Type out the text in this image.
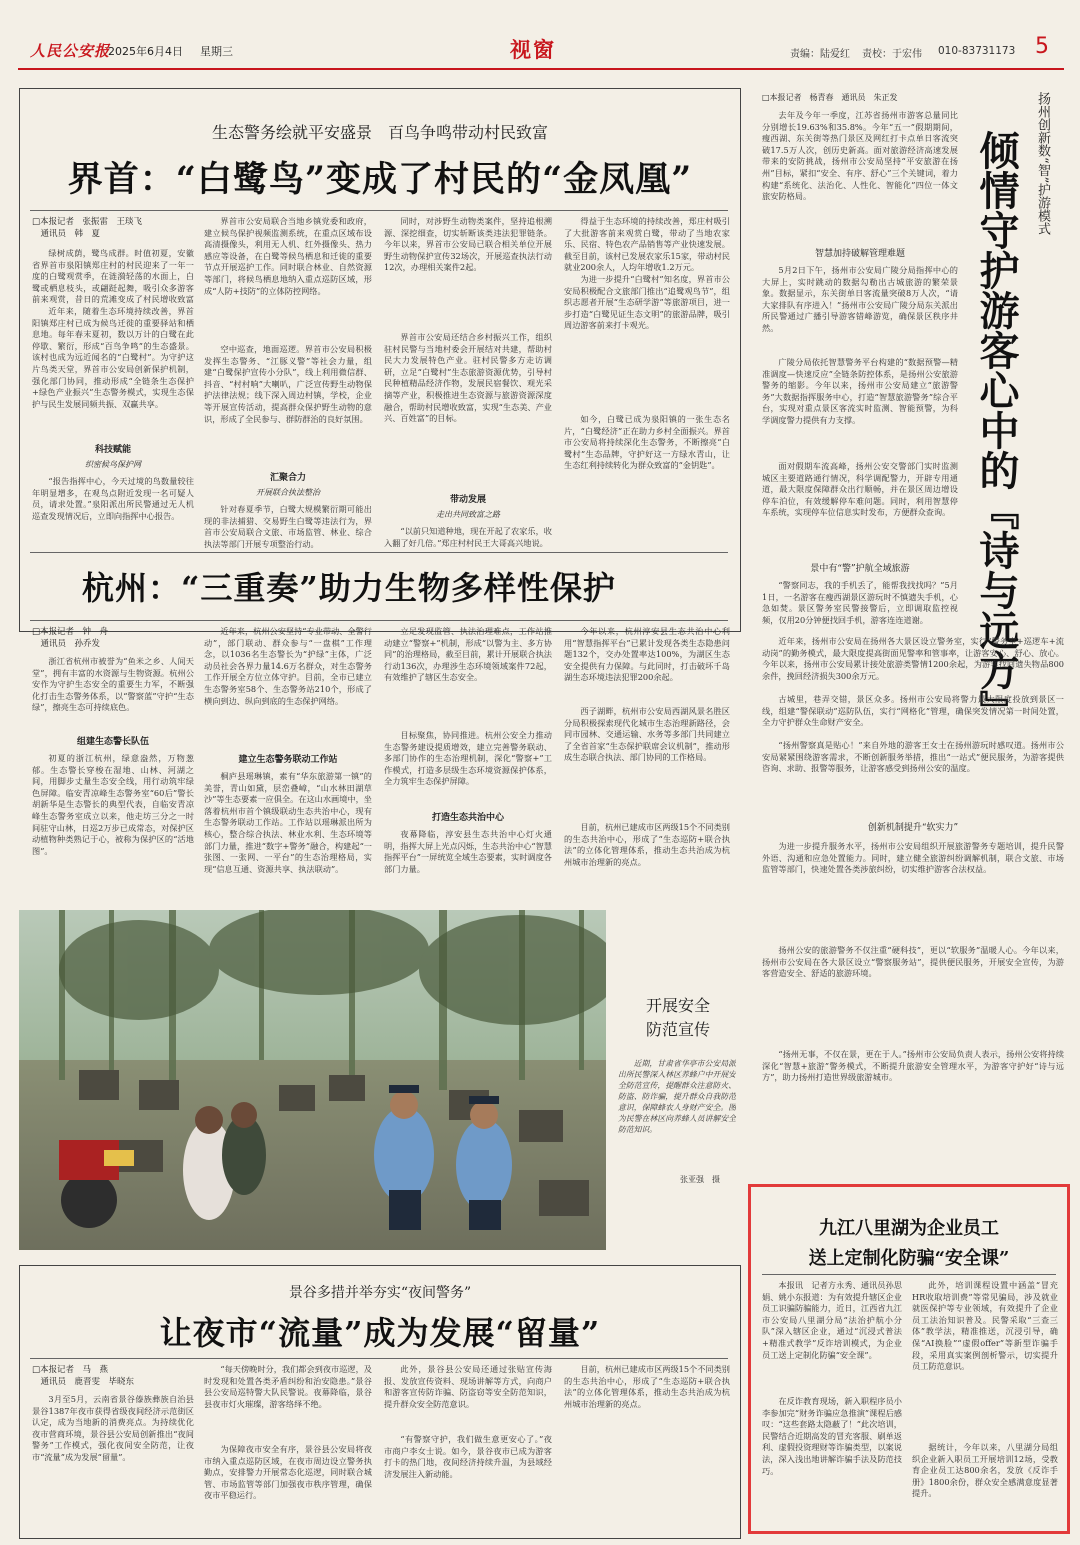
人民公安报
2025年6月4日 星期三	视窗	责编：陆爱红 责校：于宏伟 010-83731173 5
生态警务绘就平安盛景　百鸟争鸣带动村民致富
界首：“白鹭鸟”变成了村民的“金凤凰”
□本报记者　张振雷　王琰飞
　通讯员　韩　夏
绿树成荫，鹭鸟成群。时值初夏，安徽省界首市泉阳镇郑庄村的村民迎来了一年一度的白鹭观赏季，在涟漪轻荡的水面上，白鹭或栖息枝头，或翩跹起舞，吸引众多游客前来观赏，昔日的荒滩变成了村民增收致富
近年来，随着生态环境持续改善，界首阳镇郑庄村已成为候鸟迁徙的重要驿站和栖息地。每年春末夏初，数以万计的白鹭在此停歇、繁衍，形成“百鸟争鸣”的生态盛景。该村也成为远近闻名的“白鹭村”。为守护这片鸟类天堂，界首市公安局创新保护机制，强化部门协同，推动形成“全链条生态保护+绿色产业振兴”生态警务模式，实现生态保护与民生发展同频共振、双赢共享。
科技赋能
织密候鸟保护网
“报告指挥中心，今天过境的鸟数量较往年明显增多，在观鸟点附近发现一名可疑人员，请求处置。”泉阳派出所民警通过无人机巡查发现情况后，立即向指挥中心报告。
界首市公安局联合当地乡镇党委和政府，建立候鸟保护视频监测系统，在重点区域布设高清摄像头，利用无人机、红外摄像头、热力感应等设备，在白鹭等候鸟栖息和迁徙的重要节点开展巡护工作。同时联合林业、自然资源等部门，将候鸟栖息地纳入重点巡防区域，形成“人防+技防”的立体防控网络。
空中巡查，地面巡逻。界首市公安局积极发挥生态警务、“江豚义警”等社会力量，组建“白鹭保护宣传小分队”，线上利用微信群、抖音、“村村响”大喇叭，广泛宣传野生动物保护法律法规；线下深入周边村镇，学校，企业等开展宣传活动，提高群众保护野生动物的意识，形成了全民参与、群防群治的良好氛围。
汇聚合力
开展联合执法整治
针对春夏季节，白鹭大规模繁衍期可能出现的非法捕猎、交易野生白鹭等违法行为，界首市公安局联合文旅、市场监管、林业、综合执法等部门开展专项整治行动。
同时，对涉野生动物类案件，坚持追根溯源、深挖细查，切实斩断该类违法犯罪链条。今年以来，界首市公安局已联合相关单位开展野生动物保护宣传32场次，开展巡查执法行动12次，办理相关案件2起。
界首市公安局还结合乡村振兴工作，组织驻村民警与当地村委会开展结对共建，帮助村民大力发展特色产业。驻村民警多方走访调研，立足“白鹭村”生态旅游资源优势，引导村民种植精品经济作物，发展民宿餐饮、观光采摘等产业，积极推进生态资源与旅游资源深度融合，帮助村民增收致富，实现“生态美、产业兴、百姓富”的目标。
带动发展
走出共同致富之路
“以前只知道种地，现在开起了农家乐，收入翻了好几倍。”郑庄村村民王大哥高兴地说。
得益于生态环境的持续改善，郑庄村吸引了大批游客前来观赏白鹭，带动了当地农家乐、民宿、特色农产品销售等产业快速发展。截至目前，该村已发展农家乐15家，带动村民就业200余人，人均年增收1.2万元。
为进一步提升“白鹭村”知名度，界首市公安局积极配合文旅部门推出“追鹭观鸟节”，组织志愿者开展“生态研学游”等旅游项目，进一步打造“白鹭见证生态文明”的旅游品牌，吸引周边游客前来打卡观光。
如今，白鹭已成为泉阳镇的一张生态名片，“白鹭经济”正在助力乡村全面振兴。界首市公安局将持续深化生态警务，不断擦亮“白鹭村”生态品牌，守护好这一方绿水青山，让生态红利持续转化为群众致富的“金钥匙”。
杭州：“三重奏”助力生物多样性保护
□本报记者　钟　舟
　通讯员　孙乔发
浙江省杭州市被誉为“鱼米之乡、人间天堂”，拥有丰富的水资源与生物资源。杭州公安作为守护生态安全的重要生力军，不断强化打击生态警务体系，以“警察蓝”守护“生态绿”，擦亮生态可持续底色。
组建生态警长队伍
初夏的浙江杭州，绿意盎然，万物葱郁。生态警长穿梭在湿地、山林、河湖之间，用脚步丈量生态安全线，用行动筑牢绿色屏障。临安青凉峰生态警务室“60后”警长胡新华是生态警长的典型代表，自临安青凉峰生态警务室成立以来，他走坊三分之一时间驻守山林，日巡2万步已成常态，对保护区动植物种类熟记于心，被称为保护区的“活地图”。
近年来，杭州公安坚持“专业带动、全警行动”，部门联动、群众参与“一盘棋”工作理念，以1036名生态警长为“护绿”主体，广泛动员社会各界力量14.6万名群众，对生态警务工作开展全方位立体守护。目前，全市已建立生态警务室58个、生态警务站210个，形成了横向到边、纵向到底的生态保护网络。
建立生态警务联动工作站
桐庐县瑶琳镇，素有“华东旅游第一镇”的美誉，青山如黛，层峦叠嶂，“山水林田湖草沙”等生态要素一应俱全。在这山水画境中，坐落着杭州市首个镇级联动生态共治中心，现有生态警务联动工作站。工作站以瑶琳派出所为核心，整合综合执法、林业水利、生态环境等部门力量，推进“数字+警务”融合，构建起“一张图、一张网、一平台”的生态治理格局，实现“信息互通、资源共享、执法联动”。
立足发现监管、执法治理难点，工作站推动建立“警察+”机制，形成“以警为主、多方协同”的治理格局，截至目前，累计开展联合执法行动136次，办理涉生态环境领域案件72起，有效维护了辖区生态安全。
目标聚焦，协同推进。杭州公安全力推动生态警务建设提质增效，建立完善警务联动、多部门协作的生态治理机制，深化“警察+”工作模式，打造多层级生态环境资源保护体系，全力筑牢生态保护屏障。
打造生态共治中心
夜幕降临，淳安县生态共治中心灯火通明，指挥大屏上光点闪烁，生态共治中心“智慧指挥平台”一屏统览全域生态要素，实时调度各部门力量。
今年以来，杭州淳安县生态共治中心利用“智慧指挥平台”已累计发现各类生态隐患问题132个，交办处置率达100%，为湖区生态安全提供有力保障。与此同时，打击破坏千岛湖生态环境违法犯罪200余起。
西子湖畔，杭州市公安局西湖风景名胜区分局积极探索现代化城市生态治理新路径，会同市园林、交通运输、水务等多部门共同建立了全省首家“生态保护联席会议机制”，推动形成生态联合执法、部门协同的工作格局。
目前，杭州已建成市区两级15个不同类别的生态共治中心，形成了“生态巡防+联合执法”的立体化管理体系，推动生态共治成为杭州城市治理新的亮点。
开展安全
防范宣传
近期，甘肃省华亭市公安局派出所民警深入林区养蜂户中开展安全防范宣传，提醒群众注意防火、防盗、防诈骗，提升群众自我防范意识，保障蜂农人身财产安全。图为民警在林区向养蜂人员讲解安全防范知识。
张亚强　摄
景谷多措并举夯实“夜间警务”
让夜市“流量”成为发展“留量”
□本报记者　马　燕
　通讯员　鹿晋雯　毕晓东
3月至5月，云南省景谷傣族彝族自治县景谷1387年夜市获得省级夜间经济示范街区认定，成为当地新的消费亮点。为持续优化夜市营商环境，景谷县公安局创新推出“夜间警务”工作模式，强化夜间安全防范，让夜市“流量”成为发展“留量”。
“每天傍晚时分，我们都会到夜市巡逻，及时发现和处置各类矛盾纠纷和治安隐患。”景谷县公安局巡特警大队民警说。夜幕降临，景谷县夜市灯火璀璨，游客络绎不绝。
为保障夜市安全有序，景谷县公安局将夜市纳入重点巡防区域，在夜市周边设立警务执勤点，安排警力开展常态化巡逻，同时联合城管、市场监管等部门加强夜市秩序管理，确保夜市平稳运行。
此外，景谷县公安局还通过张贴宣传海报、发放宣传资料、现场讲解等方式，向商户和游客宣传防诈骗、防盗窃等安全防范知识，提升群众安全防范意识。
“有警察守护，我们做生意更安心了。”夜市商户李女士说。如今，景谷夜市已成为游客打卡的热门地，夜间经济持续升温，为县域经济发展注入新动能。
目前，杭州已建成市区两级15个不同类别的生态共治中心，形成了“生态巡防+联合执法”的立体化管理体系，推动生态共治成为杭州城市治理新的亮点。
扬州创新数“智”护游模式
倾情守护游客心中的『诗与远方』
□本报记者　杨青春　通讯员　朱正发
去年及今年一季度，江苏省扬州市游客总量同比分别增长19.63%和35.8%。今年“五一”假期期间，瘦西湖、东关街等热门景区及网红打卡点单日客流突破17.5万人次，创历史新高。面对旅游经济高速发展带来的安防挑战，扬州市公安局坚持“平安旅游在扬州”目标，紧扣“安全、有序、舒心”三个关键词，着力构建“系统化、法治化、人性化、智能化”四位一体文旅安防格局。
智慧加持破解管理难题
5月2日下午，扬州市公安局广陵分局指挥中心的大屏上，实时跳动的数据勾勒出古城旅游的繁荣景象。数据显示，东关街单日客流量突破8万人次，“请大家排队有序进入！”扬州市公安局广陵分局东关派出所民警通过广播引导游客错峰游览，确保景区秩序井然。
广陵分局依托智慧警务平台构建的“数据预警—精准调度—快速反应”全链条防控体系，是扬州公安旅游警务的缩影。今年以来，扬州市公安局建立“旅游警务”大数据指挥服务中心，打造“智慧旅游警务”综合平台，实现对重点景区客流实时监测、智能预警，为科学调度警力提供有力支撑。
面对假期车流高峰，扬州公安交警部门实时监测城区主要道路通行情况，科学调配警力，开辟专用通道，最大限度保障群众出行顺畅，并在景区周边增设停车泊位，有效缓解停车难问题。同时，利用智慧停车系统，实现停车位信息实时发布，方便群众查询。
景中有“警”护航全域旅游
“警察同志，我的手机丢了，能帮我找找吗？”5月1日，一名游客在瘦西湖景区游玩时不慎遗失手机，心急如焚。景区警务室民警接警后，立即调取监控视频，仅用20分钟便找回手机，游客连连道谢。
近年来，扬州市公安局在扬州各大景区设立警务室，实行“警务室+巡逻车+流动岗”的勤务模式，最大限度提高街面见警率和管事率，让游客安心、舒心、放心。今年以来，扬州市公安局累计接处旅游类警情1200余起，为游客找回遗失物品800余件，挽回经济损失300余万元。
古城里，巷弄交错，景区众多。扬州市公安局将警力最大限度投放到景区一线，组建“警保联动”巡防队伍，实行“网格化”管理，确保突发情况第一时间处置，全力守护群众生命财产安全。
“扬州警察真是贴心！”来自外地的游客王女士在扬州游玩时感叹道。扬州市公安局紧紧围绕游客需求，不断创新服务举措，推出“一站式”便民服务，为游客提供咨询、求助、报警等服务，让游客感受到扬州公安的温度。
创新机制提升“软实力”
为进一步提升服务水平，扬州市公安局组织开展旅游警务专题培训，提升民警外语、沟通和应急处置能力。同时，建立健全旅游纠纷调解机制，联合文旅、市场监管等部门，快速处置各类涉旅纠纷，切实维护游客合法权益。
扬州公安的旅游警务不仅注重“硬科技”，更以“软服务”温暖人心。今年以来，扬州市公安局在各大景区设立“警察服务站”，提供便民服务，开展安全宣传，为游客营造安全、舒适的旅游环境。
“扬州无事，不仅在景，更在于人。”扬州市公安局负责人表示，扬州公安将持续深化“智慧+旅游”警务模式，不断提升旅游安全管理水平，为游客守护好“诗与远方”，助力扬州打造世界级旅游城市。
九江八里湖为企业员工
送上定制化防骗“安全课”
本报讯　记者方永秀、通讯员孙思娟、姚小东报道：为有效提升辖区企业员工识骗防骗能力，近日，江西省九江市公安局八里湖分局“法治护航小分队”深入辖区企业，通过“沉浸式普法+精准式教学”反诈培训模式，为企业员工送上定制化防骗“安全课”。
在反诈教育现场，新入职程序员小李参加完“财务诈骗应急推演”课程后感叹：“这些套路太隐蔽了！”此次培训，民警结合近期高发的冒充客服、刷单返利、虚假投资理财等诈骗类型，以案说法，深入浅出地讲解诈骗手法及防范技巧。
此外，培训课程设置中涵盖“冒充HR收取培训费”等常见骗局，涉及就业就医保护等专业领域，有效提升了企业员工法治知识普及。民警采取“三查三体”教学法，精准推送，沉浸引导，确保“AI换脸”“虚假offer”等新型诈骗手段，采用真实案例剖析警示，切实提升员工防范意识。
据统计，今年以来，八里湖分局组织企业新入职员工开展培训12场，受教育企业员工达800余名，发放《反诈手册》1800余份，群众安全感满意度显著提升。
